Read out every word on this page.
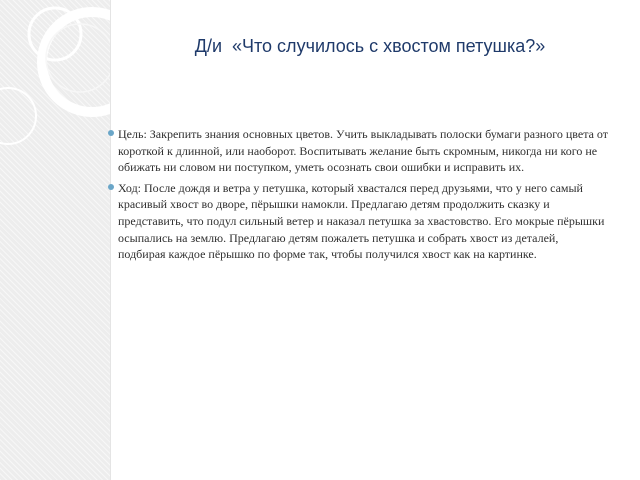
Д/и  «Что случилось с хвостом петушка?»
Цель: Закрепить знания основных цветов. Учить выкладывать полоски бумаги разного цвета от короткой к длинной, или наоборот. Воспитывать желание быть скромным, никогда ни кого не обижать ни словом ни поступком, уметь осознать свои ошибки и исправить их.
Ход: После дождя и ветра у петушка, который хвастался перед друзьями, что у него самый красивый хвост во дворе, пёрышки намокли. Предлагаю детям продолжить сказку и представить, что подул сильный ветер и наказал петушка за хвастовство. Его мокрые пёрышки осыпались на землю. Предлагаю детям пожалеть петушка и собрать хвост из деталей, подбирая каждое пёрышко по форме так, чтобы получился хвост как на картинке.
